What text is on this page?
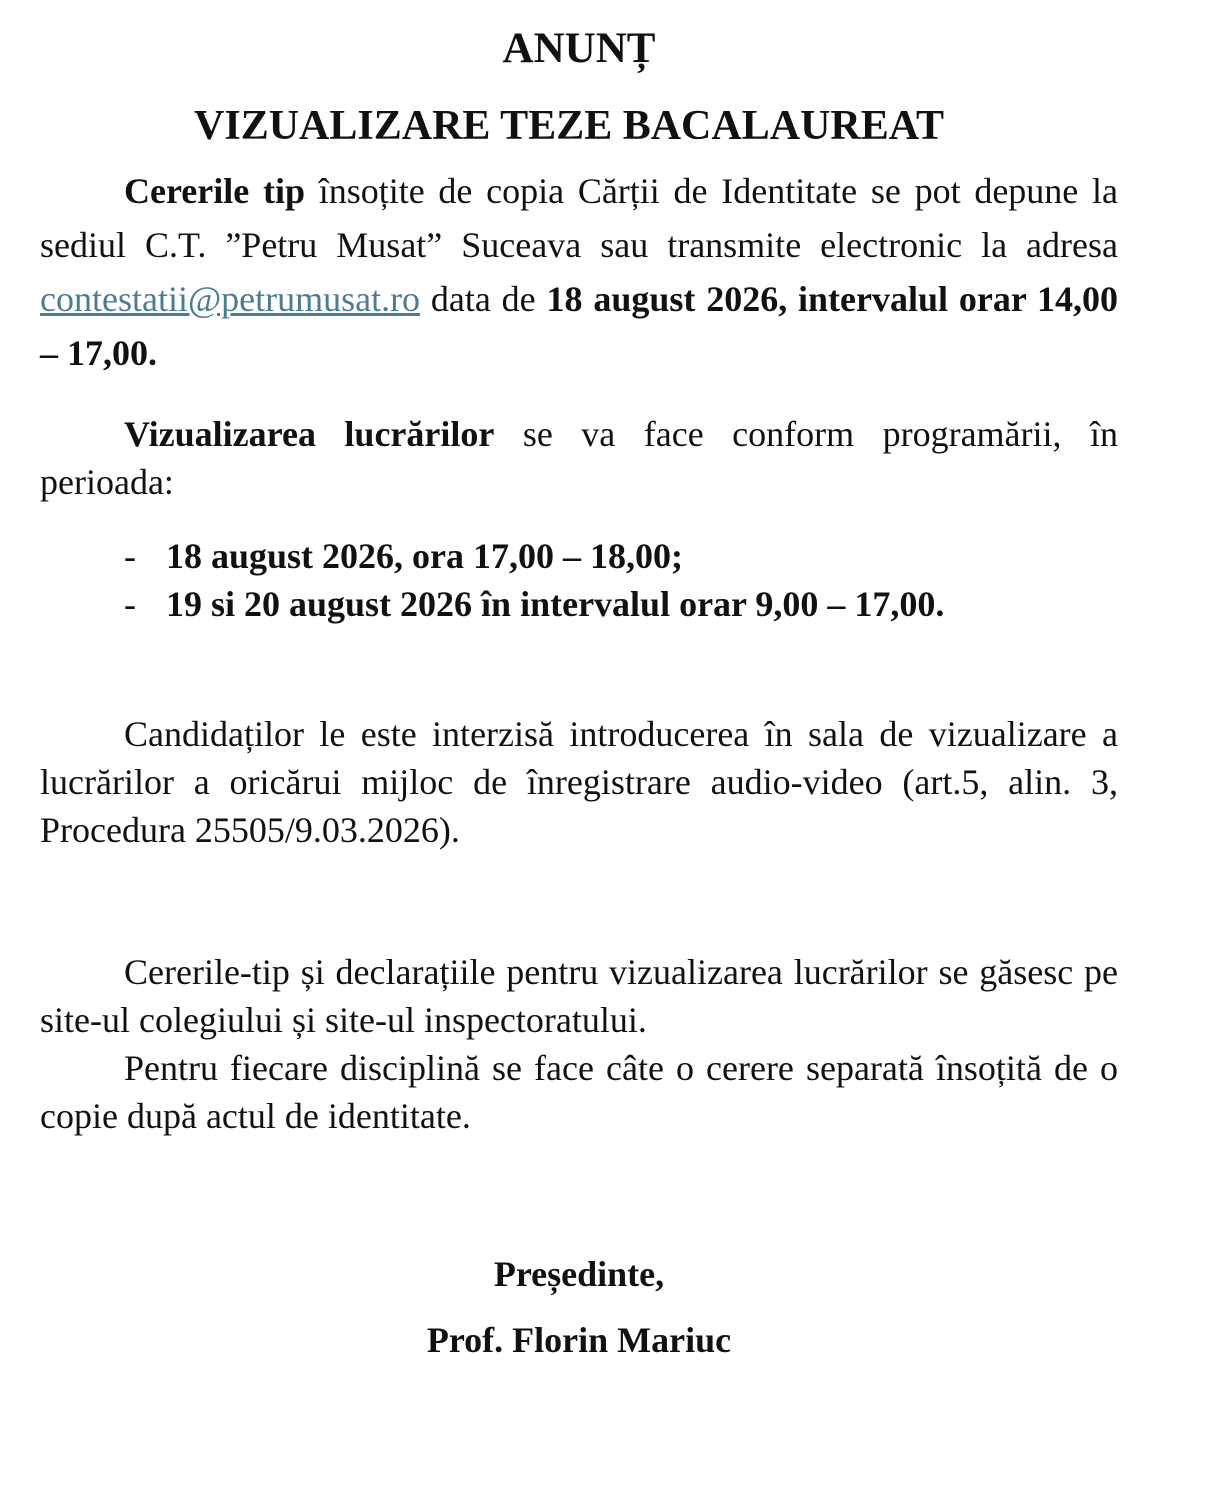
ANUNȚ
VIZUALIZARE TEZE BACALAUREAT

Cererile tip însoțite de copia Cărții de Identitate se pot depune la sediul C.T. ”Petru Musat” Suceava sau transmite electronic la adresa contestatii@petrumusat.ro data de 18 august 2026, intervalul orar 14,00 – 17,00.

Vizualizarea lucrărilor se va face conform programării, în perioada:

- 18 august 2026, ora 17,00 – 18,00;
- 19 si 20 august 2026 în intervalul orar 9,00 – 17,00.

Candidaților le este interzisă introducerea în sala de vizualizare a lucrărilor a oricărui mijloc de înregistrare audio-video (art.5, alin. 3, Procedura 25505/9.03.2026).

Cererile-tip și declarațiile pentru vizualizarea lucrărilor se găsesc pe site-ul colegiului și site-ul inspectoratului.

Pentru fiecare disciplină se face câte o cerere separată însoțită de o copie după actul de identitate.

Președinte,

Prof. Florin Mariuc
